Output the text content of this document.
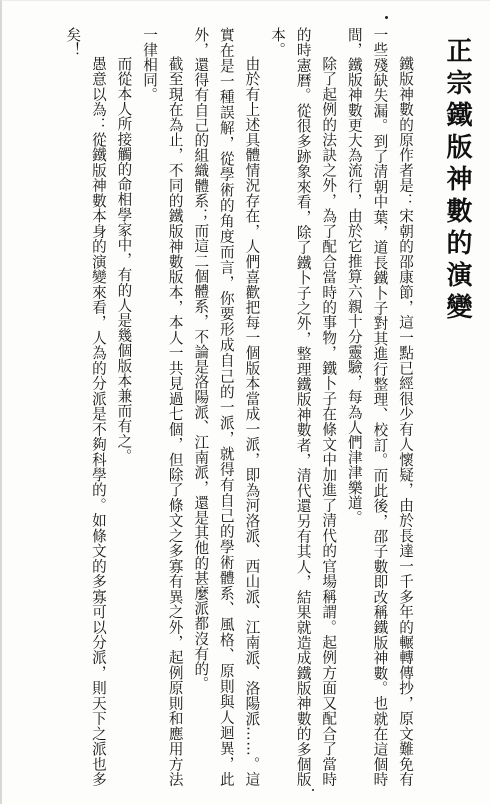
正宗鐵版神數的演變

鐵版神數的原作者是：宋朝的邵康節，這一點已經很少有人懷疑，由於長達一千多年的輾轉傳抄，原文難免有一些殘缺失漏。到了清朝中葉，道長鐵卜子對其進行整理、校訂。而此後，邵子數即改稱鐵版神數。也就在這個時間，鐵版神數更大為流行，由於它推算六親十分靈驗，每為人們津津樂道。

除了起例的法訣之外，為了配合當時的事物，鐵卜子在條文中加進了清代的官場稱謂。起例方面又配合了當時的時憲曆。從很多跡象來看，除了鐵卜子之外，整理鐵版神數者，清代還另有其人，結果就造成鐵版神數的多個版本。

由於有上述具體情況存在，人們喜歡把每一個版本當成一派，即為河洛派、西山派、江南派、洛陽派……。這實在是一種誤解，從學術的角度而言，你要形成自己的一派，就得有自己的學術體系、風格、原則與人迴異，此外，還得有自己的組織體系；而這二個體系，不論是洛陽派、江南派，還是其他的甚麼派都沒有的。

截至現在為止，不同的鐵版神數版本，本人一共見過七個，但除了條文之多寡有異之外，起例原則和應用方法一律相同。

而從本人所接觸的命相學家中，有的人是幾個版本兼而有之。

愚意以為：從鐵版神數本身的演變來看，人為的分派是不夠科學的。如條文的多寡可以分派，則天下之派也多矣！
